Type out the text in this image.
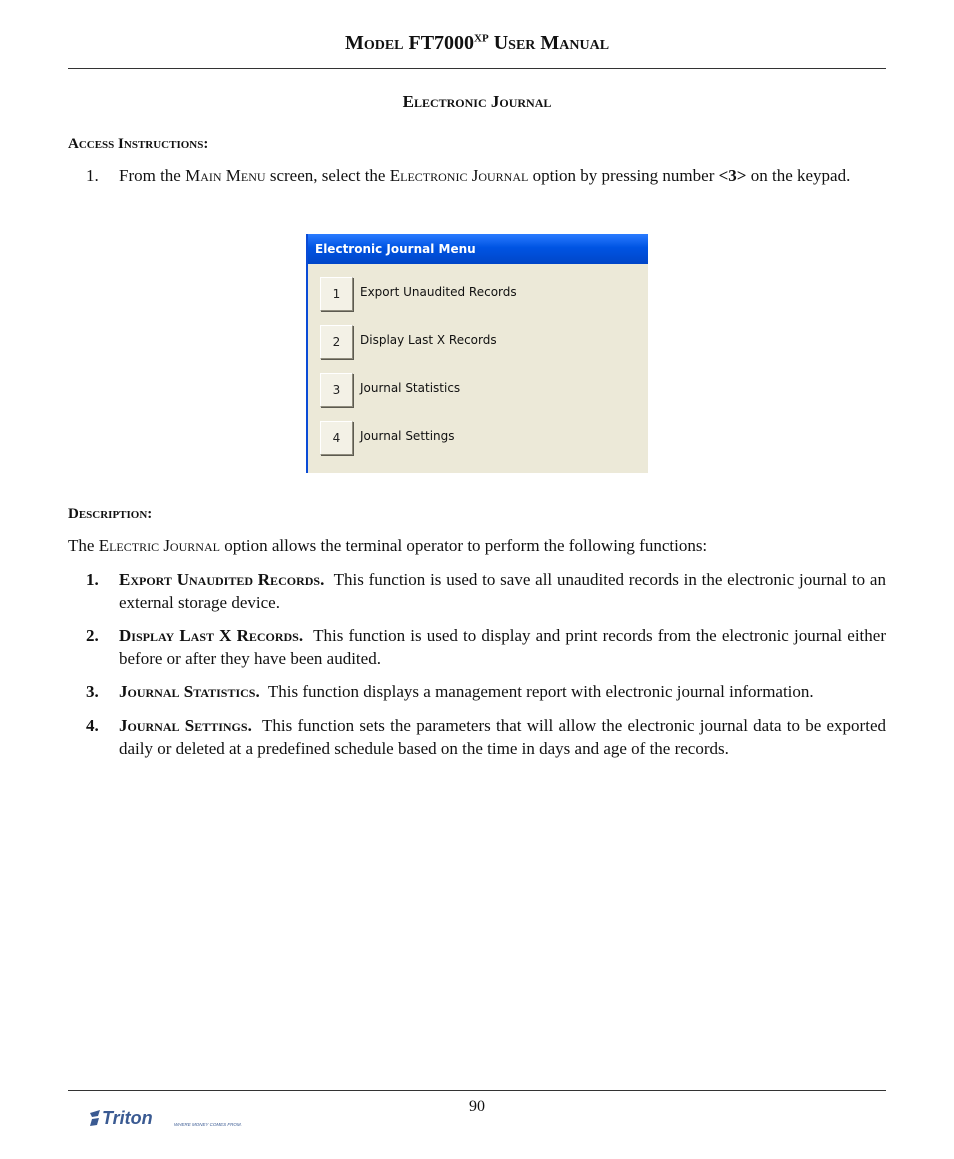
Model $FT7000^{XP}$ User Manual
Electronic Journal
Access Instructions:
1. From the Main Menu screen, select the Electronic Journal option by pressing number <3> on the keypad.
Electronic Journal Menu
1	Export Unaudited Records
2	Display Last X Records
3	Journal Statistics
4	Journal Settings
Description:
The Electric Journal option allows the terminal operator to perform the following functions:
1. Export Unaudited Records. This function is used to save all unaudited records in the electronic journal to an external storage device.
2. Display Last X Records. This function is used to display and print records from the electronic journal either before or after they have been audited.
3. Journal Statistics. This function displays a management report with electronic journal information.
4. Journal Settings. This function sets the parameters that will allow the electronic journal data to be exported daily or deleted at a predefined schedule based on the time in days and age of the records.
90
Triton	WHERE MONEY COMES FROM.
